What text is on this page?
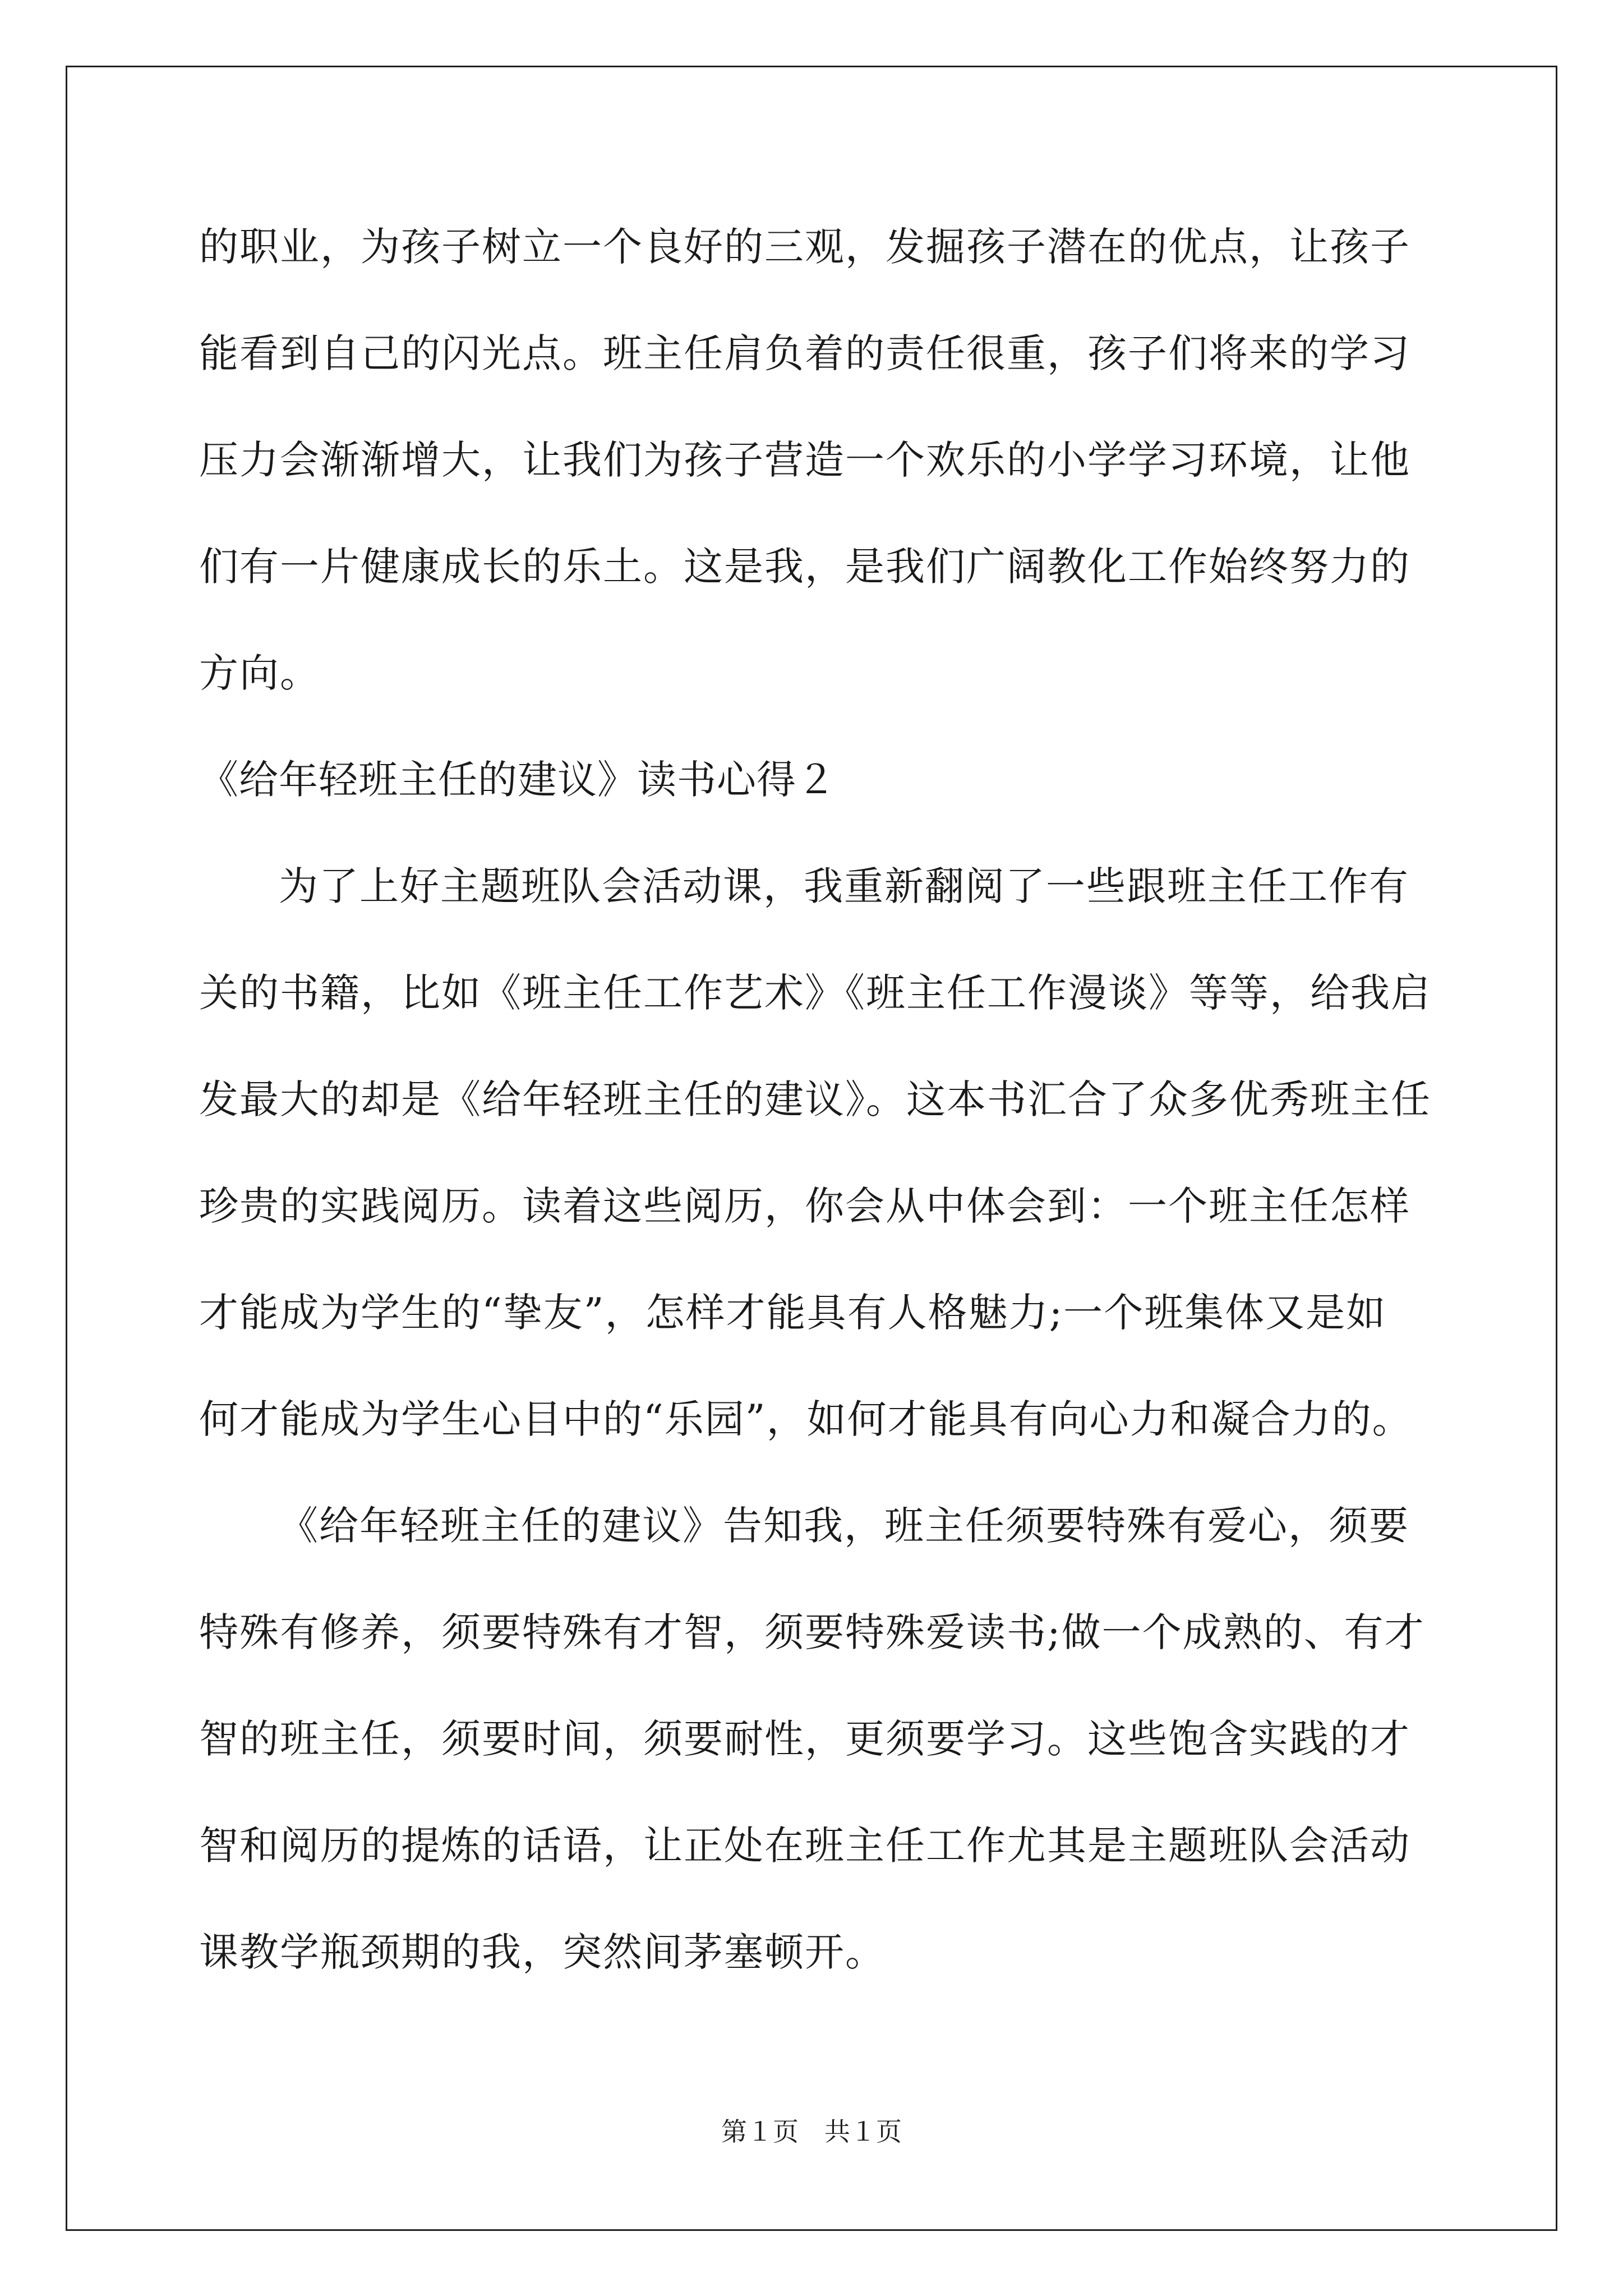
的职业，为孩子树立一个良好的三观，发掘孩子潜在的优点，让孩子
能看到自己的闪光点。班主任肩负着的责任很重，孩子们将来的学习
压力会渐渐增大，让我们为孩子营造一个欢乐的小学学习环境，让他
们有一片健康成长的乐土。这是我，是我们广阔教化工作始终努力的
方向。
《给年轻班主任的建议》读书心得２
为了上好主题班队会活动课，我重新翻阅了一些跟班主任工作有
关的书籍，比如《班主任工作艺术》《班主任工作漫谈》等等，给我启
发最大的却是《给年轻班主任的建议》。这本书汇合了众多优秀班主任
珍贵的实践阅历。读着这些阅历，你会从中体会到：一个班主任怎样
才能成为学生的“挚友”，怎样才能具有人格魅力;一个班集体又是如
何才能成为学生心目中的“乐园”，如何才能具有向心力和凝合力的。
《给年轻班主任的建议》告知我，班主任须要特殊有爱心，须要
特殊有修养，须要特殊有才智，须要特殊爱读书;做一个成熟的、有才
智的班主任，须要时间，须要耐性，更须要学习。这些饱含实践的才
智和阅历的提炼的话语，让正处在班主任工作尤其是主题班队会活动
课教学瓶颈期的我，突然间茅塞顿开。
第１页　共１页
